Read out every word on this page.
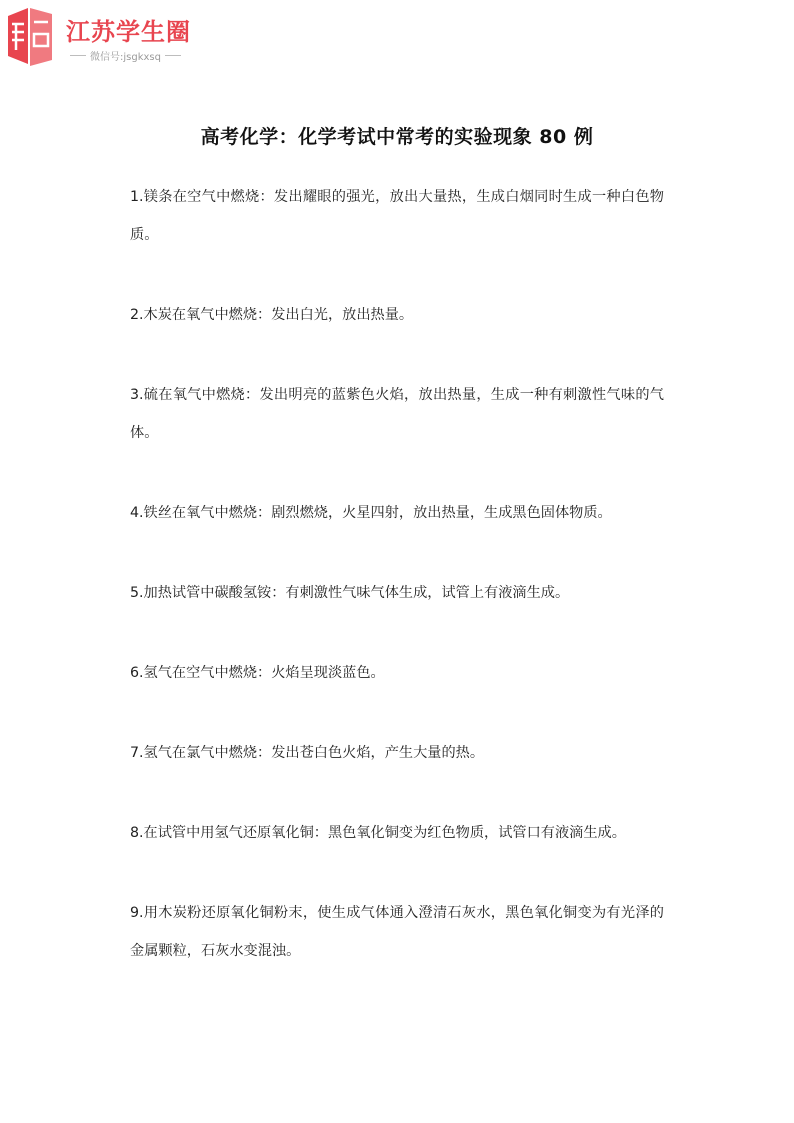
江苏学生圈
微信号:jsgkxsq
高考化学：化学考试中常考的实验现象 80 例

1.镁条在空气中燃烧：发出耀眼的强光，放出大量热，生成白烟同时生成一种白色物质。

2.木炭在氧气中燃烧：发出白光，放出热量。

3.硫在氧气中燃烧：发出明亮的蓝紫色火焰，放出热量，生成一种有刺激性气味的气体。

4.铁丝在氧气中燃烧：剧烈燃烧，火星四射，放出热量，生成黑色固体物质。

5.加热试管中碳酸氢铵：有刺激性气味气体生成，试管上有液滴生成。

6.氢气在空气中燃烧：火焰呈现淡蓝色。

7.氢气在氯气中燃烧：发出苍白色火焰，产生大量的热。

8.在试管中用氢气还原氧化铜：黑色氧化铜变为红色物质，试管口有液滴生成。

9.用木炭粉还原氧化铜粉末，使生成气体通入澄清石灰水，黑色氧化铜变为有光泽的金属颗粒，石灰水变混浊。
